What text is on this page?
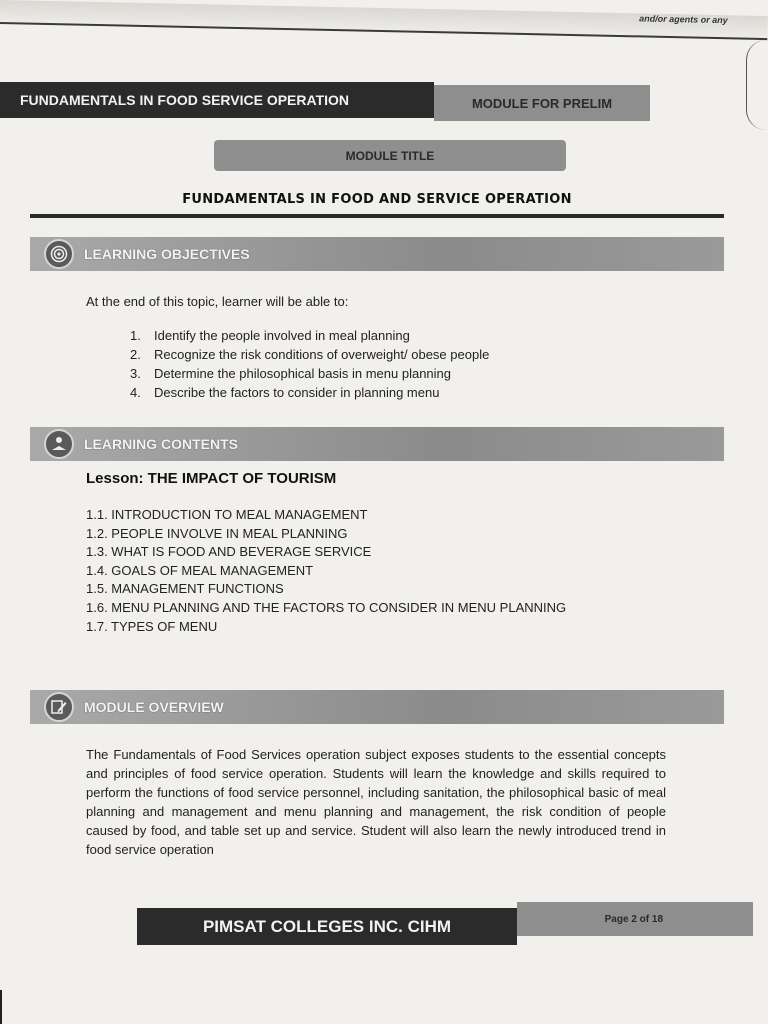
and/or agents or any
FUNDAMENTALS IN FOOD SERVICE OPERATION	MODULE FOR PRELIM
MODULE TITLE
FUNDAMENTALS IN FOOD AND SERVICE OPERATION
LEARNING OBJECTIVES
At the end of this topic, learner will be able to:
1. Identify the people involved in meal planning
2. Recognize the risk conditions of overweight/ obese people
3. Determine the philosophical basis in menu planning
4. Describe the factors to consider in planning menu
LEARNING CONTENTS
Lesson: THE IMPACT OF TOURISM
1.1. INTRODUCTION TO MEAL MANAGEMENT
1.2. PEOPLE INVOLVE IN MEAL PLANNING
1.3. WHAT IS FOOD AND BEVERAGE SERVICE
1.4. GOALS OF MEAL MANAGEMENT
1.5. MANAGEMENT FUNCTIONS
1.6. MENU PLANNING AND THE FACTORS TO CONSIDER IN MENU PLANNING
1.7. TYPES OF MENU
MODULE OVERVIEW
The Fundamentals of Food Services operation subject exposes students to the essential concepts and principles of food service operation. Students will learn the knowledge and skills required to perform the functions of food service personnel, including sanitation, the philosophical basic of meal planning and management and menu planning and management, the risk condition of people caused by food, and table set up and service. Student will also learn the newly introduced trend in food service operation
Page 2 of 18
PIMSAT COLLEGES INC. CIHM
